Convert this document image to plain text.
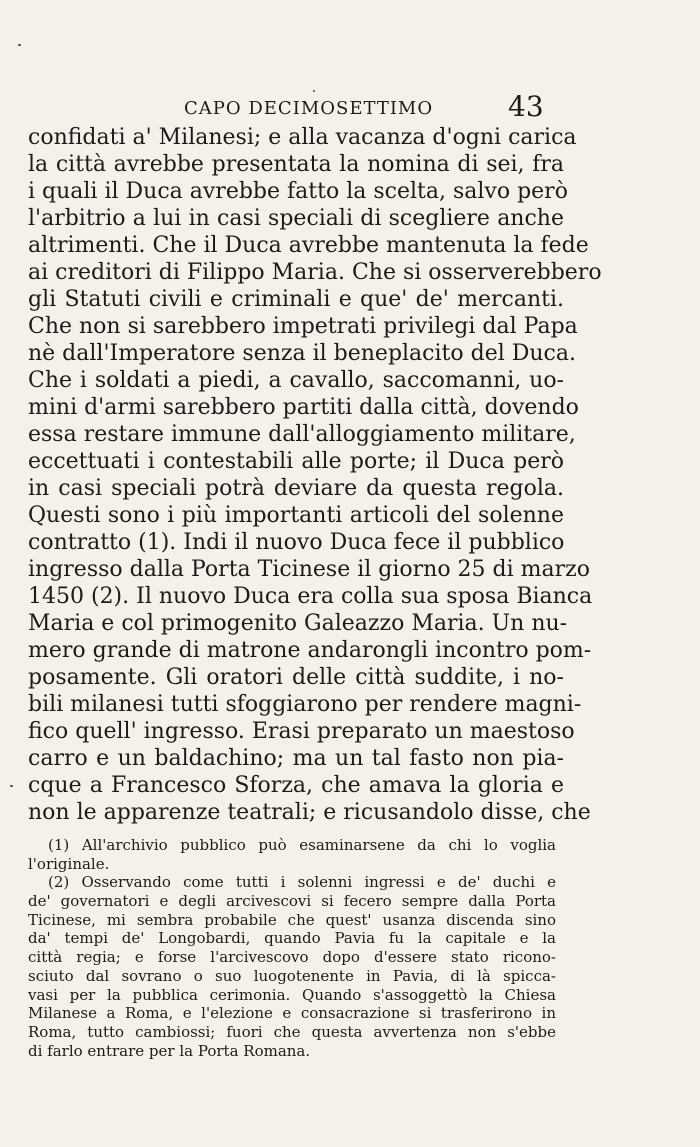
CAPO DECIMOSETTIMO	43
confidati a' Milanesi; e alla vacanza d'ogni carica
la città avrebbe presentata la nomina di sei, fra
i quali il Duca avrebbe fatto la scelta, salvo però
l'arbitrio a lui in casi speciali di scegliere anche
altrimenti. Che il Duca avrebbe mantenuta la fede
ai creditori di Filippo Maria. Che si osserverebbero
gli Statuti civili e criminali e que' de' mercanti.
Che non si sarebbero impetrati privilegi dal Papa
nè dall'Imperatore senza il beneplacito del Duca.
Che i soldati a piedi, a cavallo, saccomanni, uo-
mini d'armi sarebbero partiti dalla città, dovendo
essa restare immune dall'alloggiamento militare,
eccettuati i contestabili alle porte; il Duca però
in casi speciali potrà deviare da questa regola.
Questi sono i più importanti articoli del solenne
contratto (1). Indi il nuovo Duca fece il pubblico
ingresso dalla Porta Ticinese il giorno 25 di marzo
1450 (2). Il nuovo Duca era colla sua sposa Bianca
Maria e col primogenito Galeazzo Maria. Un nu-
mero grande di matrone andarongli incontro pom-
posamente. Gli oratori delle città suddite, i no-
bili milanesi tutti sfoggiarono per rendere magni-
fico quell' ingresso. Erasi preparato un maestoso
carro e un baldachino; ma un tal fasto non pia-
cque a Francesco Sforza, che amava la gloria e
non le apparenze teatrali; e ricusandolo disse, che
(1) All'archivio pubblico può esaminarsene da chi lo voglia
l'originale.
(2) Osservando come tutti i solenni ingressi e de' duchi e
de' governatori e degli arcivescovi si fecero sempre dalla Porta
Ticinese, mi sembra probabile che quest' usanza discenda sino
da' tempi de' Longobardi, quando Pavia fu la capitale e la
città regia; e forse l'arcivescovo dopo d'essere stato ricono-
sciuto dal sovrano o suo luogotenente in Pavia, di là spicca-
vasi per la pubblica cerimonia. Quando s'assoggettò la Chiesa
Milanese a Roma, e l'elezione e consacrazione si trasferirono in
Roma, tutto cambiossi; fuori che questa avvertenza non s'ebbe
di farlo entrare per la Porta Romana.
